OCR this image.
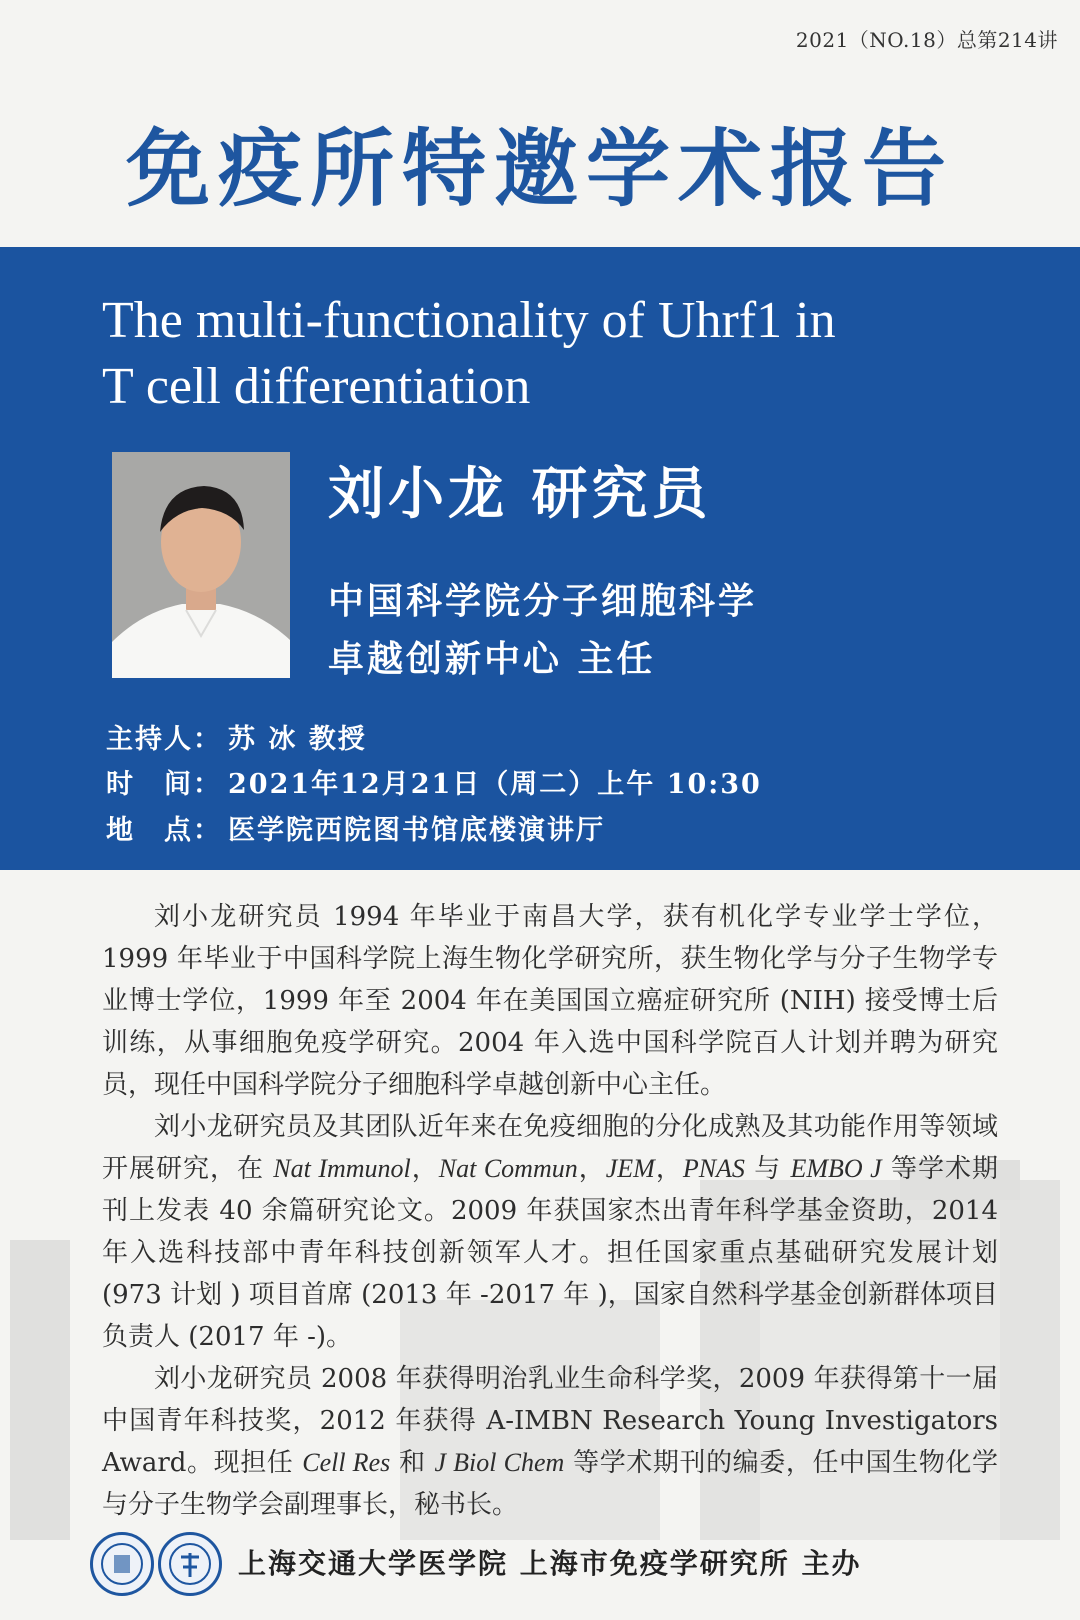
2021（NO.18）总第214讲
免疫所特邀学术报告
The multi-functionality of Uhrf1 in
T cell differentiation
刘小龙 研究员
中国科学院分子细胞科学
卓越创新中心 主任
主持人： 苏 冰 教授
时　间： 2021年12月21日（周二）上午 10:30
地　点： 医学院西院图书馆底楼演讲厅

刘小龙研究员 1994 年毕业于南昌大学，获有机化学专业学士学位，1999 年毕业于中国科学院上海生物化学研究所，获生物化学与分子生物学专业博士学位，1999 年至 2004 年在美国国立癌症研究所 (NIH) 接受博士后训练，从事细胞免疫学研究。2004 年入选中国科学院百人计划并聘为研究员，现任中国科学院分子细胞科学卓越创新中心主任。

刘小龙研究员及其团队近年来在免疫细胞的分化成熟及其功能作用等领域开展研究，在 Nat Immunol，Nat Commun，JEM，PNAS 与 EMBO J 等学术期刊上发表 40 余篇研究论文。2009 年获国家杰出青年科学基金资助，2014 年入选科技部中青年科技创新领军人才。担任国家重点基础研究发展计划 (973 计划 ) 项目首席 (2013 年 -2017 年 )，国家自然科学基金创新群体项目负责人 (2017 年 -)。

刘小龙研究员 2008 年获得明治乳业生命科学奖，2009 年获得第十一届中国青年科技奖，2012 年获得 A-IMBN Research Young Investigators Award。现担任 Cell Res 和 J Biol Chem 等学术期刊的编委，任中国生物化学与分子生物学会副理事长，秘书长。

上海交通大学医学院 上海市免疫学研究所 主办
